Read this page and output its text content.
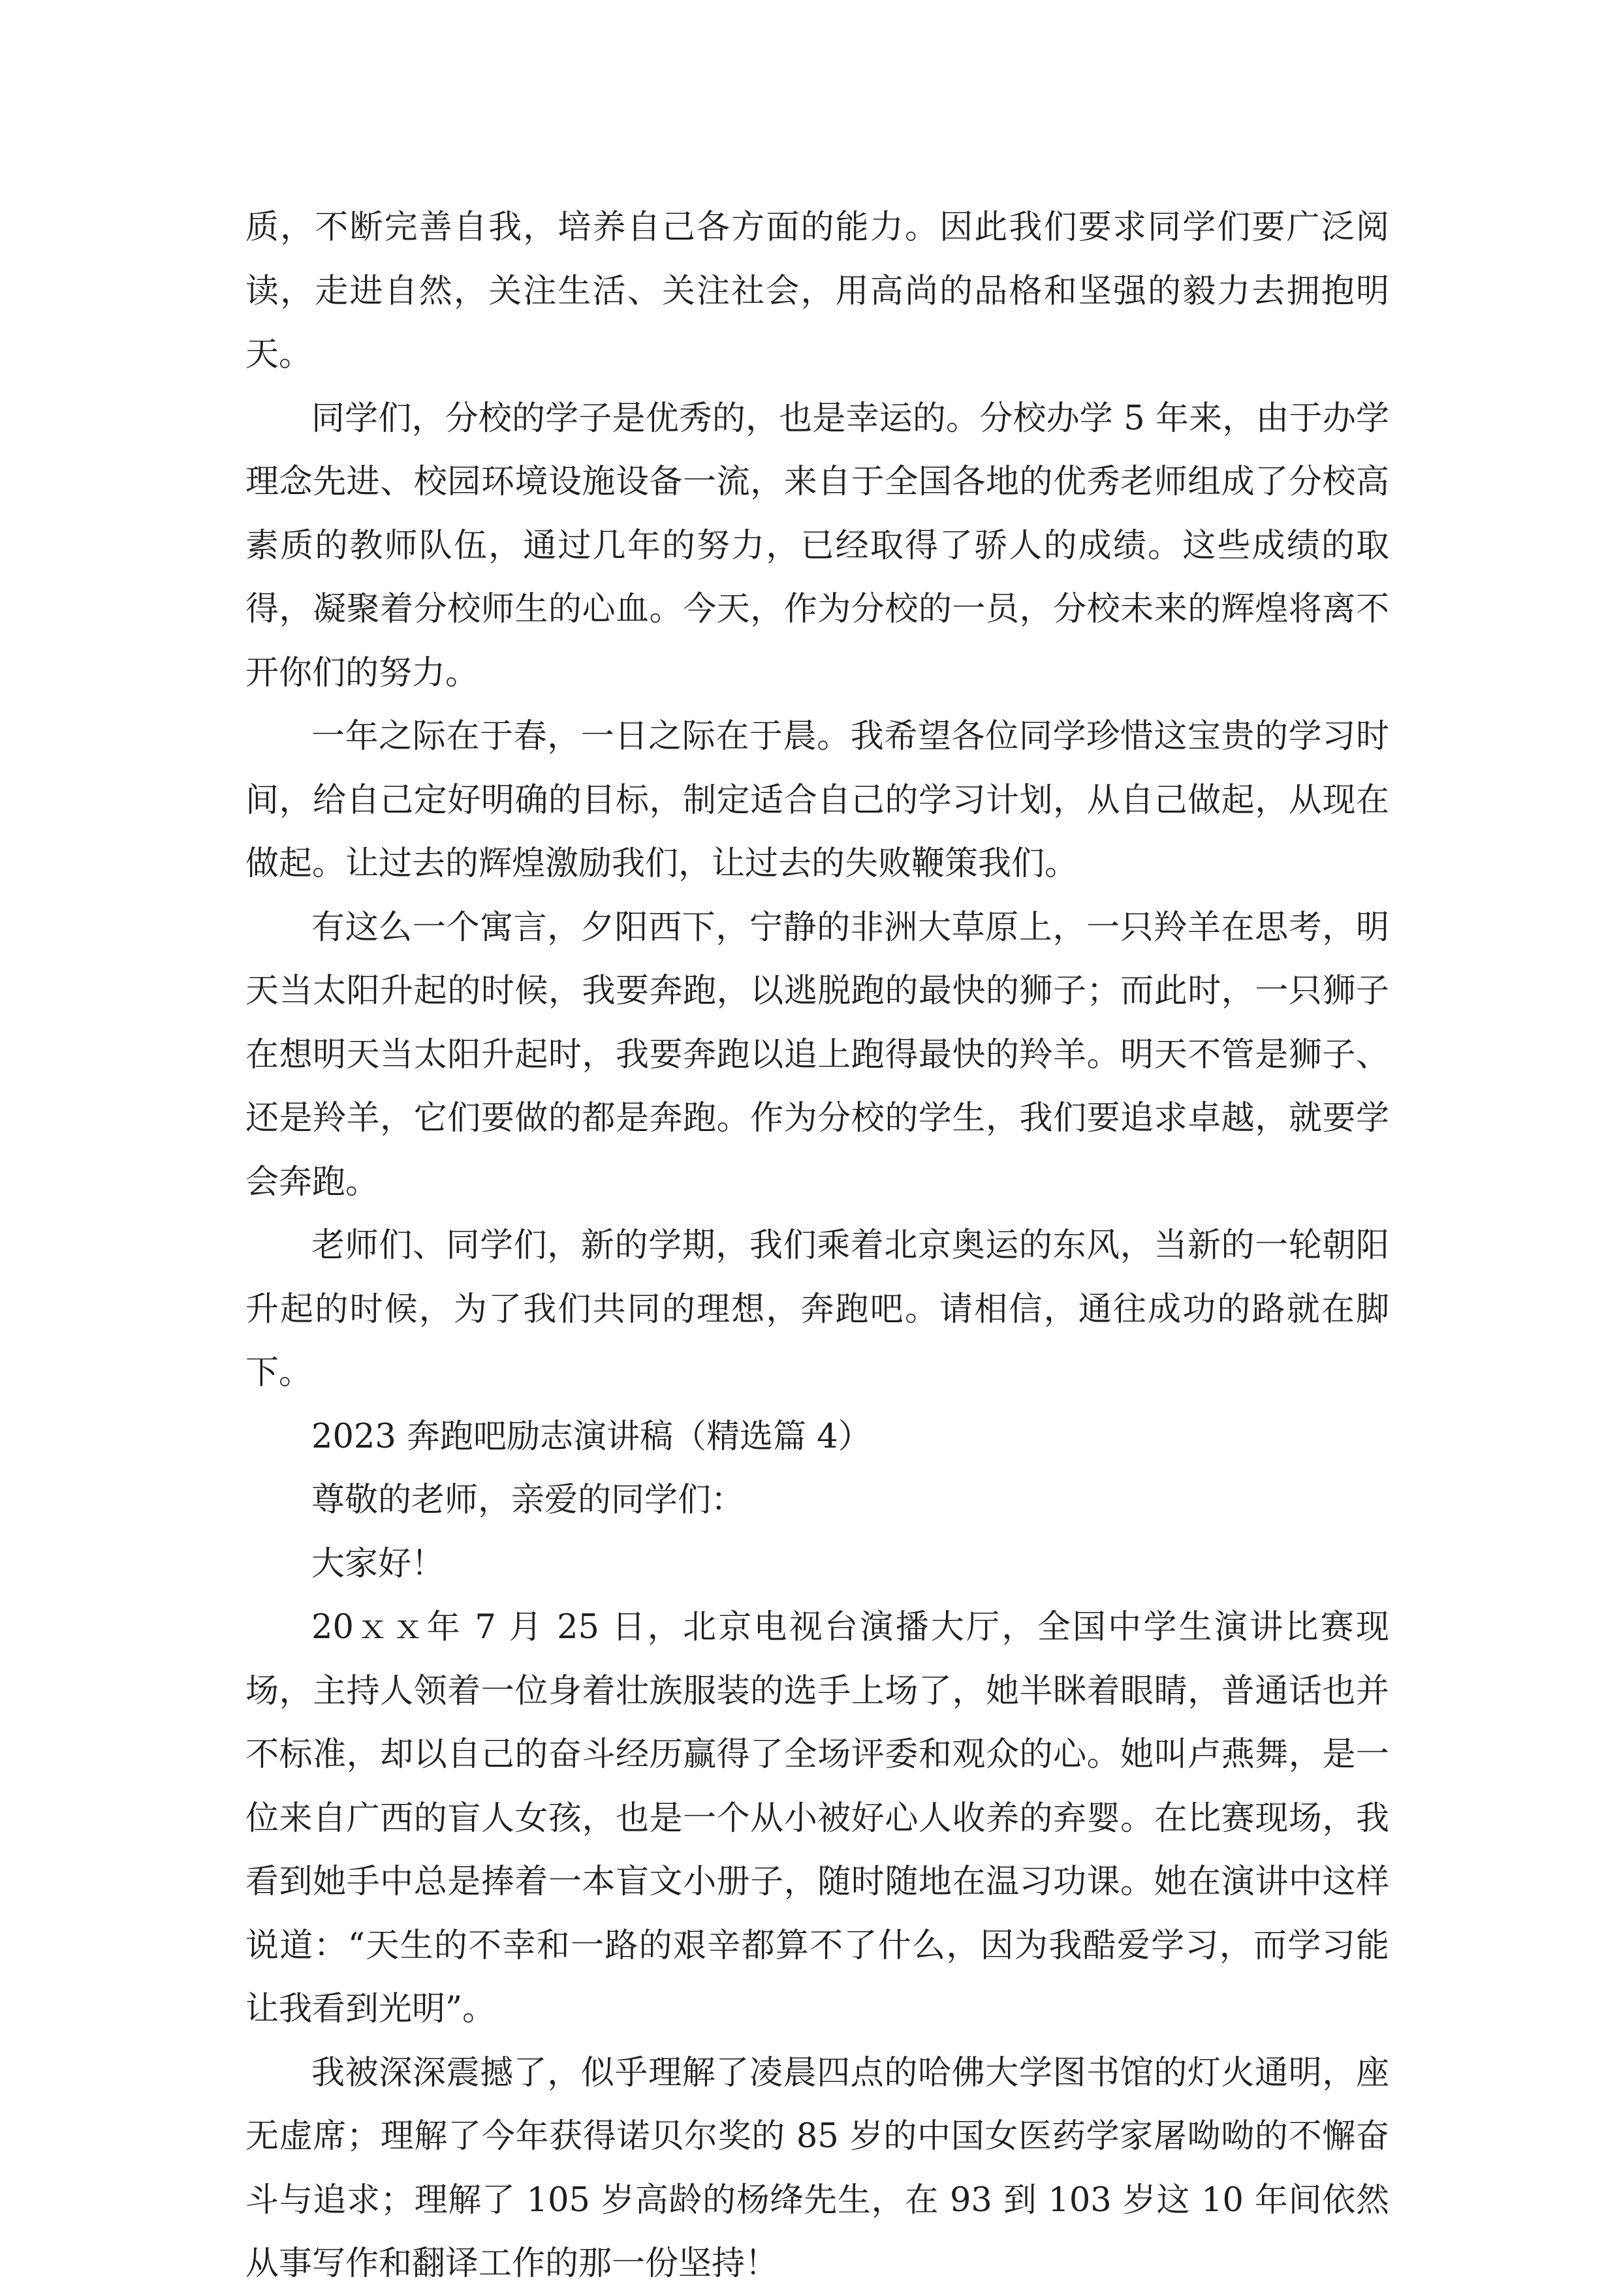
质，不断完善自我，培养自己各方面的能力。因此我们要求同学们要广泛阅读，走进自然，关注生活、关注社会，用高尚的品格和坚强的毅力去拥抱明天。

同学们，分校的学子是优秀的，也是幸运的。分校办学 5 年来，由于办学理念先进、校园环境设施设备一流，来自于全国各地的优秀老师组成了分校高素质的教师队伍，通过几年的努力，已经取得了骄人的成绩。这些成绩的取得，凝聚着分校师生的心血。今天，作为分校的一员，分校未来的辉煌将离不开你们的努力。

一年之际在于春，一日之际在于晨。我希望各位同学珍惜这宝贵的学习时间，给自己定好明确的目标，制定适合自己的学习计划，从自己做起，从现在做起。让过去的辉煌激励我们，让过去的失败鞭策我们。

有这么一个寓言，夕阳西下，宁静的非洲大草原上，一只羚羊在思考，明天当太阳升起的时候，我要奔跑，以逃脱跑的最快的狮子；而此时，一只狮子在想明天当太阳升起时，我要奔跑以追上跑得最快的羚羊。明天不管是狮子、还是羚羊，它们要做的都是奔跑。作为分校的学生，我们要追求卓越，就要学会奔跑。

老师们、同学们，新的学期，我们乘着北京奥运的东风，当新的一轮朝阳升起的时候，为了我们共同的理想，奔跑吧。请相信，通往成功的路就在脚下。

2023 奔跑吧励志演讲稿（精选篇 4）

尊敬的老师，亲爱的同学们：

大家好！

20ｘｘ年 7 月 25 日，北京电视台演播大厅，全国中学生演讲比赛现场，主持人领着一位身着壮族服装的选手上场了，她半眯着眼睛，普通话也并不标准，却以自己的奋斗经历赢得了全场评委和观众的心。她叫卢燕舞，是一位来自广西的盲人女孩，也是一个从小被好心人收养的弃婴。在比赛现场，我看到她手中总是捧着一本盲文小册子，随时随地在温习功课。她在演讲中这样说道：“天生的不幸和一路的艰辛都算不了什么，因为我酷爱学习，而学习能让我看到光明”。

我被深深震撼了，似乎理解了凌晨四点的哈佛大学图书馆的灯火通明，座无虚席；理解了今年获得诺贝尔奖的 85 岁的中国女医药学家屠呦呦的不懈奋斗与追求；理解了 105 岁高龄的杨绛先生，在 93 到 103 岁这 10 年间依然从事写作和翻译工作的那一份坚持！
